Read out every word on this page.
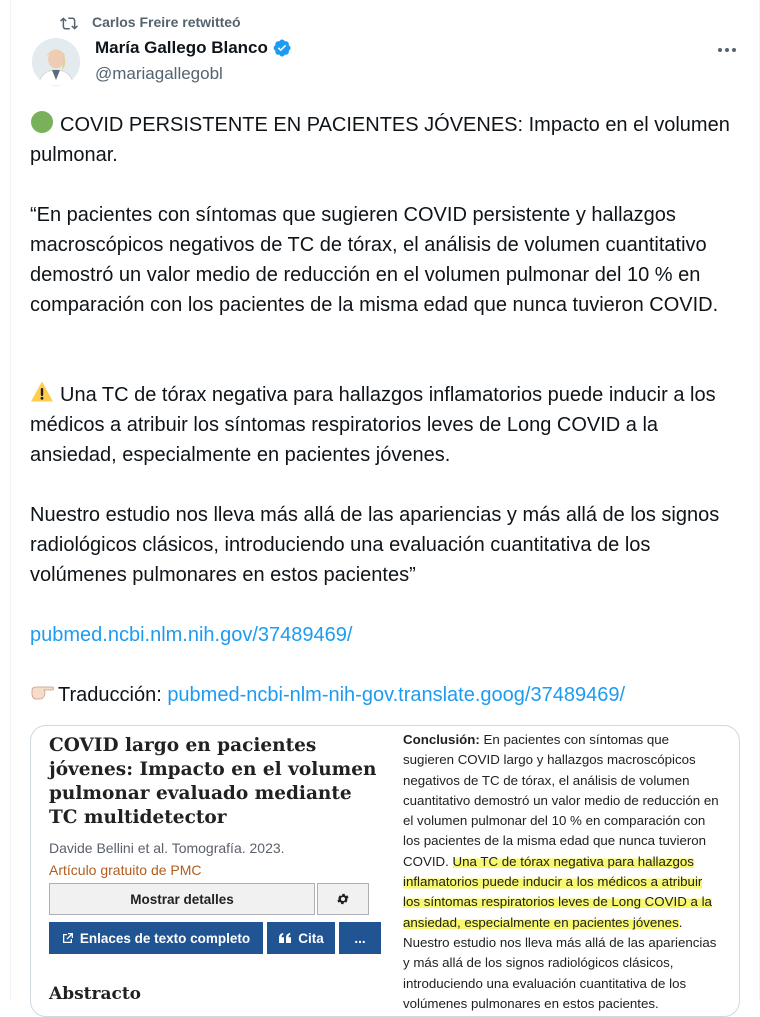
Carlos Freire retwitteó
María Gallego Blanco
@mariagallegobl
COVID PERSISTENTE EN PACIENTES JÓVENES: Impacto en el volumen pulmonar.
“En pacientes con síntomas que sugieren COVID persistente y hallazgos macroscópicos negativos de TC de tórax, el análisis de volumen cuantitativo demostró un valor medio de reducción en el volumen pulmonar del 10 % en comparación con los pacientes de la misma edad que nunca tuvieron COVID.
Una TC de tórax negativa para hallazgos inflamatorios puede inducir a los médicos a atribuir los síntomas respiratorios leves de Long COVID a la ansiedad, especialmente en pacientes jóvenes.
Nuestro estudio nos lleva más allá de las apariencias y más allá de los signos radiológicos clásicos, introduciendo una evaluación cuantitativa de los volúmenes pulmonares en estos pacientes”
pubmed.ncbi.nlm.nih.gov/37489469/
Traducción: pubmed-ncbi-nlm-nih-gov.translate.goog/37489469/
COVID largo en pacientes jóvenes: Impacto en el volumen pulmonar evaluado mediante TC multidetector
Davide Bellini et al. Tomografía. 2023.
Artículo gratuito de PMC
Mostrar detalles
Enlaces de texto completo	Cita	...
Abstracto
Conclusión: En pacientes con síntomas que sugieren COVID largo y hallazgos macroscópicos negativos de TC de tórax, el análisis de volumen cuantitativo demostró un valor medio de reducción en el volumen pulmonar del 10 % en comparación con los pacientes de la misma edad que nunca tuvieron COVID. Una TC de tórax negativa para hallazgos inflamatorios puede inducir a los médicos a atribuir los síntomas respiratorios leves de Long COVID a la ansiedad, especialmente en pacientes jóvenes. Nuestro estudio nos lleva más allá de las apariencias y más allá de los signos radiológicos clásicos, introduciendo una evaluación cuantitativa de los volúmenes pulmonares en estos pacientes.
